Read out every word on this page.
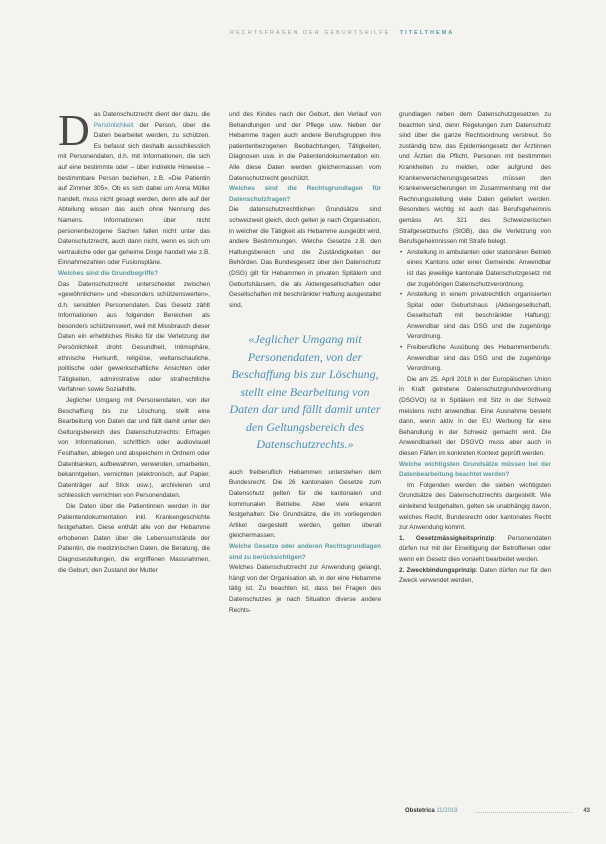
RECHTSFRAGEN DER GEBURTSHILFE TITELTHEMA

Das Datenschutzrecht dient der dazu, die Persönlichkeit der Person, über die Daten bearbeitet werden, zu schützen. Es befasst sich deshalb ausschliesslich mit Personendaten, d.h. mit Informationen, die sich auf eine bestimmte oder – über indirekte Hinweise – bestimmbare Person beziehen, z.B. «Die Patientin auf Zimmer 305». Ob es sich dabei um Anna Müller handelt, muss nicht gesagt werden, denn alle auf der Abteilung wissen das auch ohne Nennung des Namens. Informationen über nicht personenbezogene Sachen fallen nicht unter das Datenschutzrecht, auch dann nicht, wenn es sich um vertrauliche oder gar geheime Dinge handelt wie z.B. Einnahmezahlen oder Fusionspläne.

Welches sind die Grundbegriffe?

Das Datenschutzrecht unterscheidet zwischen «gewöhnlichen» und «besonders schützenswerten», d.h. sensiblen Personendaten. Das Gesetz zählt Informationen aus folgenden Bereichen als besonders schützenswert, weil mit Missbrauch dieser Daten ein erhebliches Risiko für die Verletzung der Persönlichkeit droht: Gesundheit, Intimsphäre, ethnische Herkunft, religiöse, weltanschauliche, politische oder gewerkschaftliche Ansichten oder Tätigkeiten, administrative oder strafrechtliche Verfahren sowie Sozialhilfe.

Jeglicher Umgang mit Personendaten, von der Beschaffung bis zur Löschung, stellt eine Bearbeitung von Daten dar und fällt damit unter den Geltungsbereich des Datenschutzrechts: Erfragen von Informationen, schriftlich oder audiovisuell Festhalten, ablegen und abspeichern in Ordnern oder Datenbanken, aufbewahren, verwenden, umarbeiten, bekanntgeben, vernichten (elektronisch, auf Papier, Datenträger auf Stick usw.), archivieren und schliesslich vernichten von Personendaten.

Die Daten über die Patientinnen werden in der Patientendokumentation inkl. Krankengeschichte festgehalten. Diese enthält alle von der Hebamme erhobenen Daten über die Lebensumstände der Patientin, die medizinischen Daten, die Beratung, die Diagnosestellungen, die ergriffenen Massnahmen, die Geburt, den Zustand der Mutter

und des Kindes nach der Geburt, den Verlauf von Behandlungen und der Pflege usw. Neben der Hebamme tragen auch andere Berufsgruppen ihre patientenbezogenen Beobachtungen, Tätigkeiten, Diagnosen usw. in die Patientendokumentation ein. Alle diese Daten werden gleichermassen vom Datenschutzrecht geschützt.

Welches sind die Rechtsgrundlagen für Datenschutzfragen?

Die datenschutzrechtlichen Grundsätze sind schweizweit gleich, doch gelten je nach Organisation, in welcher die Tätigkeit als Hebamme ausgeübt wird, andere Bestimmungen. Welche Gesetze z.B. den Haltungsbereich und die Zuständigkeiten der Behörden. Das Bundesgesetz über den Datenschutz (DSG) gilt für Hebammen in privaten Spitälern und Geburtshäusern, die als Aktiengesellschaften oder Gesellschaften mit beschränkter Haftung ausgestaltet sind,

«Jeglicher Umgang mit Personendaten, von der Beschaffung bis zur Löschung, stellt eine Bearbeitung von Daten dar und fällt damit unter den Geltungsbereich des Datenschutzrechts.»

auch freiberuflich Hebammen unterstehen dem Bundesrecht. Die 26 kantonalen Gesetze zum Datenschutz gelten für die kantonalen und kommunalen Betriebe. Aber viele erkannt festgehalten: Die Grundsätze, die im vorliegenden Artikel dargestellt werden, gelten überall gleichermassen.

Welche Gesetze oder anderen Rechtsgrundlagen sind zu berücksichtigen?

Welches Datenschutzrecht zur Anwendung gelangt, hängt von der Organisation ab, in der eine Hebamme tätig ist. Zu beachten ist, dass bei Fragen des Datenschutzes je nach Situation diverse andere Rechts-

grundlagen neben dem Datenschutzgesetzen zu beachten sind, denn Regelungen zum Datenschutz sind über die ganze Rechtsordnung verstreut. So zuständig bzw. das Epidemiengesetz der Ärztinnen und Ärzten die Pflicht, Personen mit bestimmten Krankheiten zu melden, oder aufgrund des Krankenversicherungsgesetzes müssen den Krankenversicherungen im Zusammenhang mit der Rechnungsstellung viele Daten geliefert werden. Besonders wichtig ist auch das Berufsgeheimnis gemäss Art. 321 des Schweizerischen Strafgesetzbuchs (StGB), das die Verletzung von Berufsgeheimnissen mit Strafe belegt.

• Anstellung in ambulanten oder stationären Betrieb eines Kantons oder einer Gemeinde: Anwendbar ist das jeweilige kantonale Datenschutzgesetz mit der zugehörigen Datenschutzverordnung.
• Anstellung in einem privatrechtlich organisierten Spital oder Geburtshaus (Aktiengesellschaft, Gesellschaft mit beschränkter Haftung): Anwendbar sind das DSG und die zugehörige Verordnung.
• Freiberufliche Ausübung des Hebammenberufs: Anwendbar sind das DSG und die zugehörige Verordnung.

Die am 25. April 2018 in der Europäischen Union in Kraft getretene Datenschutzgrundverordnung (DSGVO) ist in Spitälern mit Sitz in der Schweiz meistens nicht anwendbar. Eine Ausnahme besteht dann, wenn aktiv in der EU Werbung für eine Behandlung in der Schweiz gemacht wird. Die Anwendbarkeit der DSGVO muss aber auch in diesen Fällen im konkreten Kontext geprüft werden.

Welche wichtigsten Grundsätze müssen bei der Datenbearbeitung beachtet werden?

Im Folgenden werden die sieben wichtigsten Grundsätze des Datenschutzrechts dargestellt. Wie einleitend festgehalten, gelten sie unabhängig davon, welches Recht, Bundesrecht oder kantonales Recht zur Anwendung kommt.

1. Gesetzmässigkeitsprinzip: Personendaten dürfen nur mit der Einwilligung der Betroffenen oder wenn ein Gesetz dies vorsieht bearbeitet werden.
2. Zweckbindungsprinzip: Daten dürfen nur für den Zweck verwendet werden,
Obstetrica 11/2018	43
